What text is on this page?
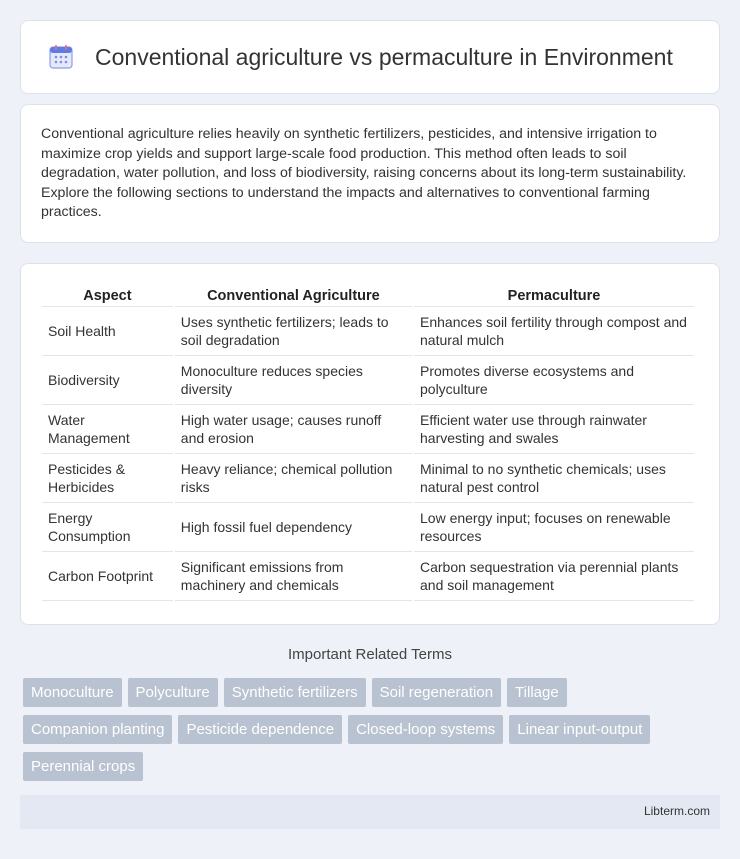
Conventional agriculture vs permaculture in Environment

Conventional agriculture relies heavily on synthetic fertilizers, pesticides, and intensive irrigation to maximize crop yields and support large-scale food production. This method often leads to soil degradation, water pollution, and loss of biodiversity, raising concerns about its long-term sustainability. Explore the following sections to understand the impacts and alternatives to conventional farming practices.

Aspect	Conventional Agriculture	Permaculture
Soil Health	Uses synthetic fertilizers; leads to soil degradation	Enhances soil fertility through compost and natural mulch
Biodiversity	Monoculture reduces species diversity	Promotes diverse ecosystems and polyculture
Water Management	High water usage; causes runoff and erosion	Efficient water use through rainwater harvesting and swales
Pesticides & Herbicides	Heavy reliance; chemical pollution risks	Minimal to no synthetic chemicals; uses natural pest control
Energy Consumption	High fossil fuel dependency	Low energy input; focuses on renewable resources
Carbon Footprint	Significant emissions from machinery and chemicals	Carbon sequestration via perennial plants and soil management
Important Related Terms
Monoculture	Polyculture	Synthetic fertilizers	Soil regeneration	Tillage
Companion planting	Pesticide dependence	Closed-loop systems	Linear input-output
Perennial crops
Libterm.com
